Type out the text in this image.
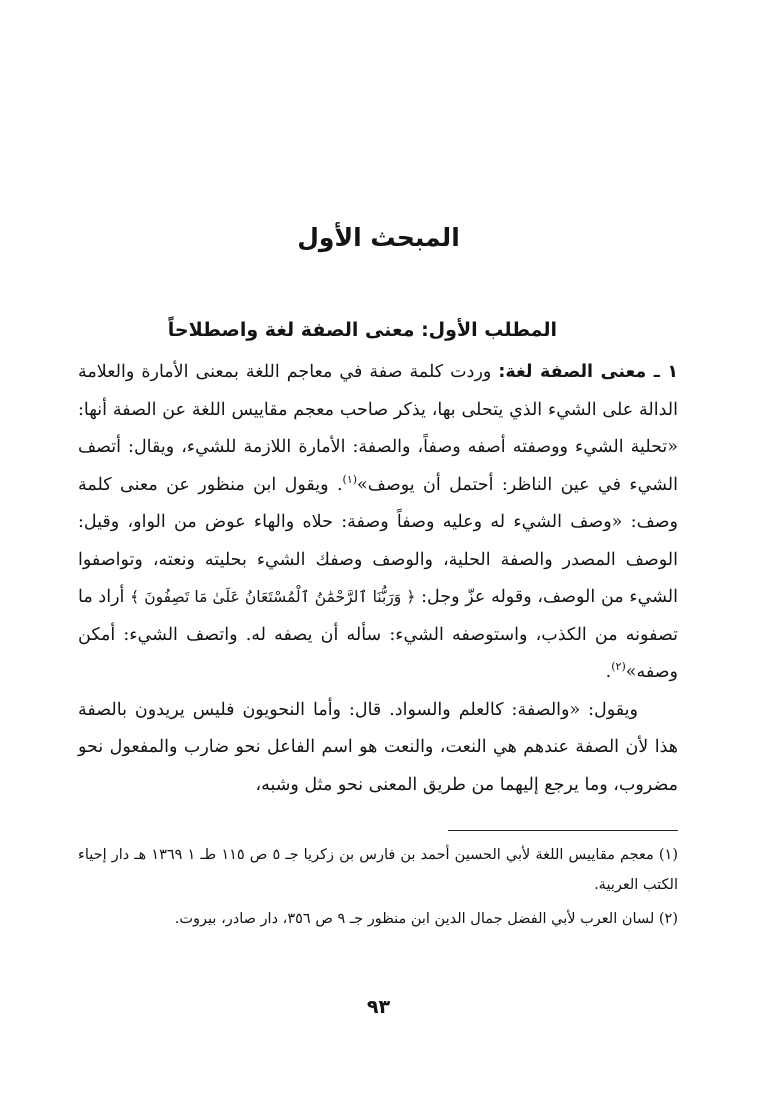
المبحث الأول
المطلب الأول: معنى الصفة لغة واصطلاحاً

١ ـ معنى الصفة لغة: وردت كلمة صفة في معاجم اللغة بمعنى الأمارة والعلامة الدالة على الشيء الذي يتحلى بها، يذكر صاحب معجم مقاييس اللغة عن الصفة أنها: «تحلية الشيء ووصفته أصفه وصفاً، والصفة: الأمارة اللازمة للشيء، ويقال: أتصف الشيء في عين الناظر: أحتمل أن يوصف»$^{(١)}$. ويقول ابن منظور عن معنى كلمة وصف: «وصف الشيء له وعليه وصفاً وصفة: حلاه والهاء عوض من الواو، وقيل: الوصف المصدر والصفة الحلية، والوصف وصفك الشيء بحليته ونعته، وتواصفوا الشيء من الوصف، وقوله عزّ وجل: ﴿ وَرَبُّنَا ٱلرَّحْمَٰنُ ٱلْمُسْتَعَانُ عَلَىٰ مَا تَصِفُونَ ﴾ أراد ما تصفونه من الكذب، واستوصفه الشيء: سأله أن يصفه له. واتصف الشيء: أمكن وصفه»$^{(٢)}$.

ويقول: «والصفة: كالعلم والسواد. قال: وأما النحويون فليس يريدون بالصفة هذا لأن الصفة عندهم هي النعت، والنعت هو اسم الفاعل نحو ضارب والمفعول نحو مضروب، وما يرجع إليهما من طريق المعنى نحو مثل وشبه،

(١) معجم مقاييس اللغة لأبي الحسين أحمد بن فارس بن زكريا جـ ٥ ص ١١٥ طـ ١ ١٣٦٩ هـ دار إحياء الكتب العربية.

(٢) لسان العرب لأبي الفضل جمال الدين ابن منظور جـ ٩ ص ٣٥٦، دار صادر، بيروت.

٩٣
